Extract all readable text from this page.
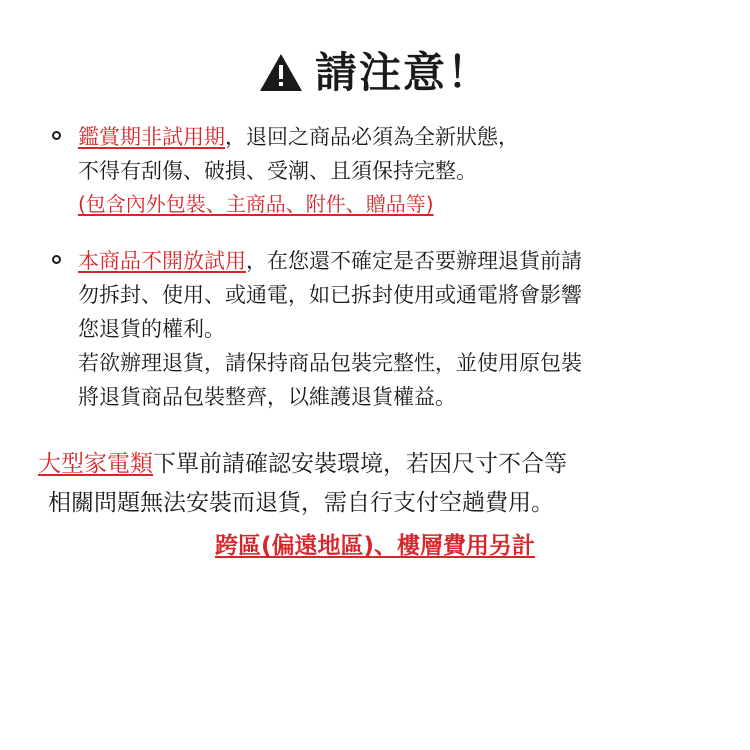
請注意！
鑑賞期非試用期，退回之商品必須為全新狀態，
不得有刮傷、破損、受潮、且須保持完整。
(包含內外包裝、主商品、附件、贈品等)
本商品不開放試用，在您還不確定是否要辦理退貨前請
勿拆封、使用、或通電，如已拆封使用或通電將會影響
您退貨的權利。
若欲辦理退貨，請保持商品包裝完整性，並使用原包裝
將退貨商品包裝整齊，以維護退貨權益。
大型家電類下單前請確認安裝環境，若因尺寸不合等
相關問題無法安裝而退貨，需自行支付空趟費用。
跨區(偏遠地區)、樓層費用另計
